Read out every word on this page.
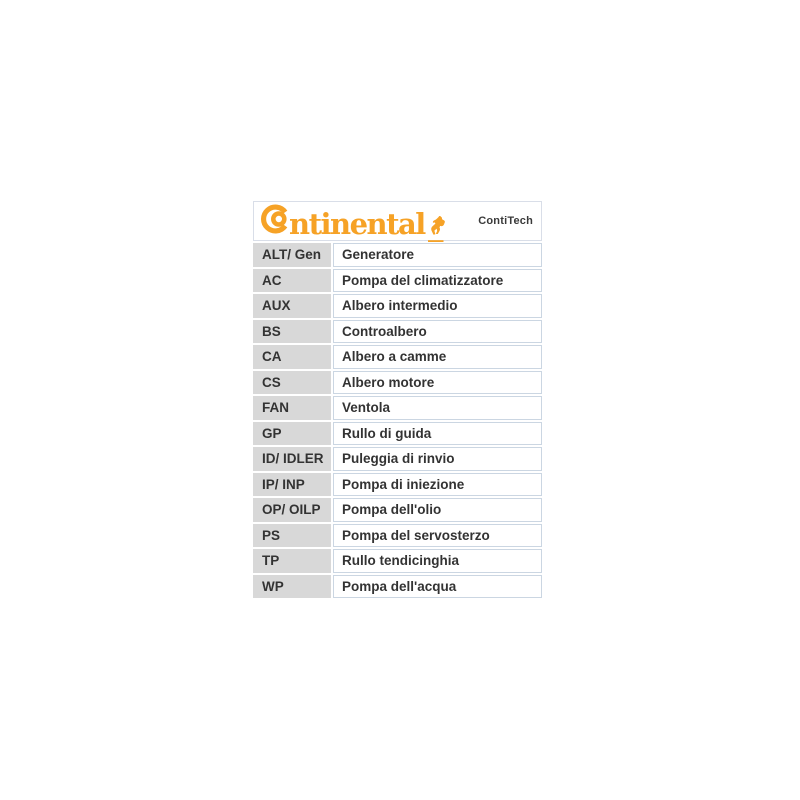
ntinental ContiTech	

ALT/ Gen	Generatore
AC	Pompa del climatizzatore
AUX	Albero intermedio
BS	Controalbero
CA	Albero a camme
CS	Albero motore
FAN	Ventola
GP	Rullo di guida
ID/ IDLER	Puleggia di rinvio
IP/ INP	Pompa di iniezione
OP/ OILP	Pompa dell'olio
PS	Pompa del servosterzo
TP	Rullo tendicinghia
WP	Pompa dell'acqua
